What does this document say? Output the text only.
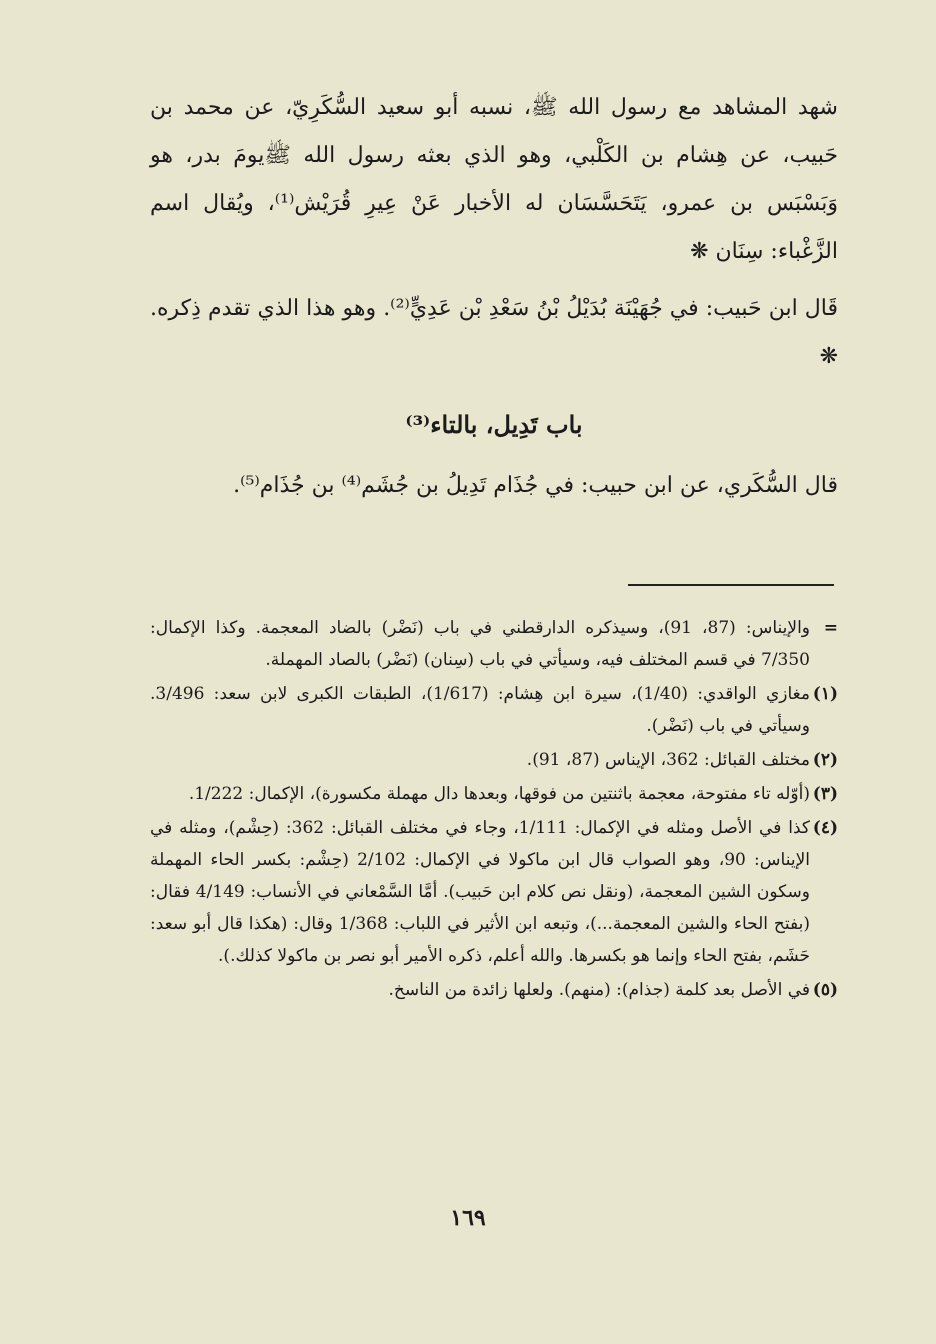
شهد المشاهد مع رسول الله ﷺ، نسبه أبو سعيد السُّكَرِيّ، عن محمد بن حَبيب، عن هِشام بن الكَلْبي، وهو الذي بعثه رسول الله ﷺيومَ بدر، هو وَبَسْبَس بن عمرو، يَتَحَسَّسَان له الأخبار عَنْ عِيرِ قُرَيْش⁽¹⁾، ويُقال اسم الزَّغْباء: سِنَان ❋
قَال ابن حَبيب: في جُهَيْنَة بُدَيْلُ بْنُ سَعْدِ بْن عَدِيٍّ⁽²⁾. وهو هذا الذي تقدم ذِكره. ❋
باب تَدِيل، بالتاء⁽³⁾
قال السُّكَري، عن ابن حبيب: في جُذَام تَدِيلُ بن جُشَم⁽⁴⁾ بن جُذَام⁽⁵⁾.
=
والإيناس: (87، 91)، وسيذكره الدارقطني في باب (نَضْر) بالضاد المعجمة. وكذا الإكمال: 7/350 في قسم المختلف فيه، وسيأتي في باب (سِنان) (نَضْر) بالصاد المهملة.
(١)
مغازي الواقدي: (1/40)، سيرة ابن هِشام: (1/617)، الطبقات الكبرى لابن سعد: 3/496. وسيأتي في باب (نَضْر).
(٢)
مختلف القبائل: 362، الإيناس (87، 91).
(٣)
(أوّله تاء مفتوحة، معجمة باثنتين من فوقها، وبعدها دال مهملة مكسورة)، الإكمال: 1/222.
(٤)
كذا في الأصل ومثله في الإكمال: 1/111، وجاء في مختلف القبائل: 362: (حِشْم)، ومثله في الإيناس: 90، وهو الصواب قال ابن ماكولا في الإكمال: 2/102 (حِشْم: بكسر الحاء المهملة وسكون الشين المعجمة، (ونقل نص كلام ابن حَبيب). أمَّا السَّمْعاني في الأنساب: 4/149 فقال: (بفتح الحاء والشين المعجمة...)، وتبعه ابن الأثير في اللباب: 1/368 وقال: (هكذا قال أبو سعد: حَشَم، بفتح الحاء وإنما هو بكسرها. والله أعلم، ذكره الأمير أبو نصر بن ماكولا كذلك.).
(٥)
في الأصل بعد كلمة (جذام): (منهم). ولعلها زائدة من الناسخ.
١٦٩
